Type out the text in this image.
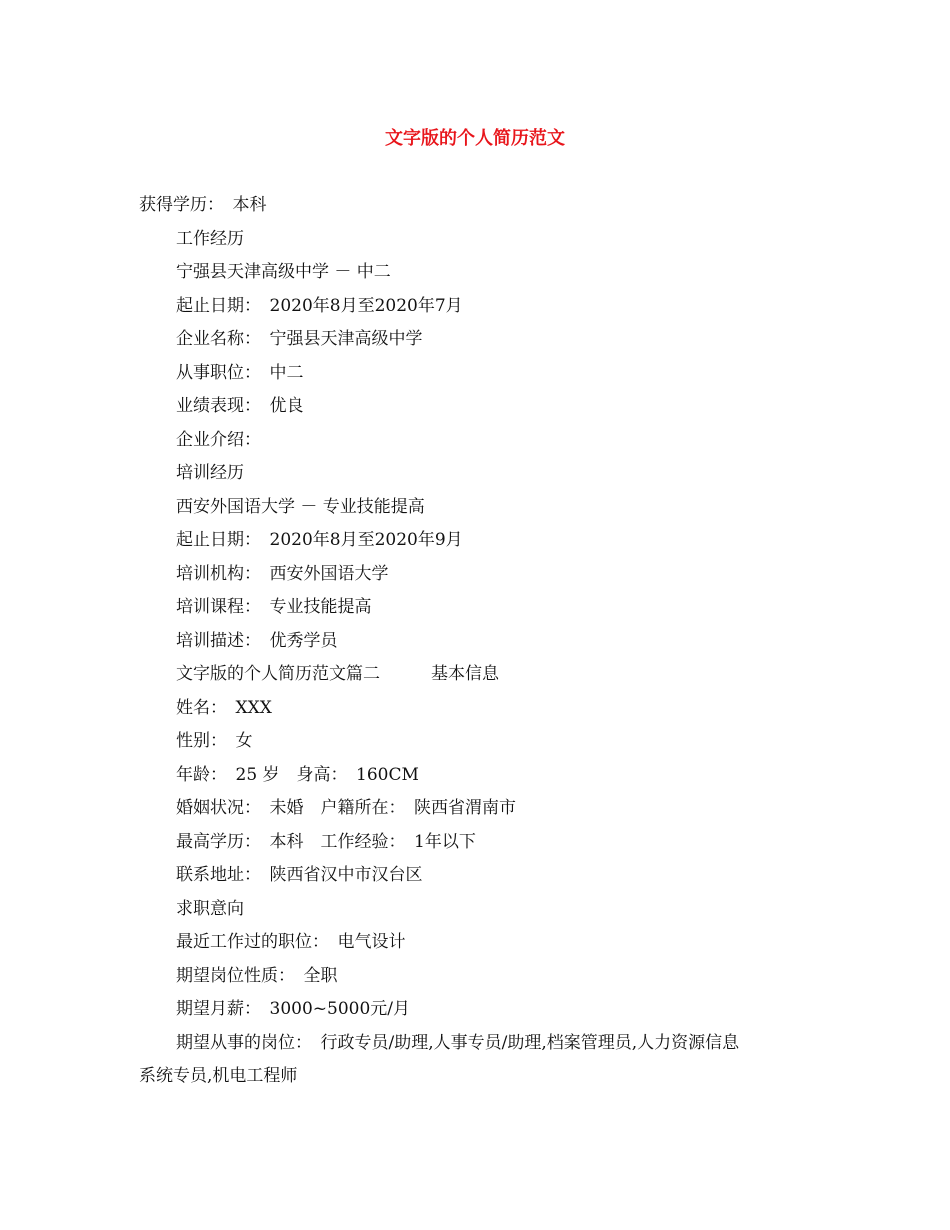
文字版的个人简历范文
获得学历：　本科
工作经历
宁强县天津高级中学 － 中二
起止日期：　2020年8月至2020年7月
企业名称：　宁强县天津高级中学
从事职位：　中二
业绩表现：　优良
企业介绍：
培训经历
西安外国语大学 － 专业技能提高
起止日期：　2020年8月至2020年9月
培训机构：　西安外国语大学
培训课程：　专业技能提高
培训描述：　优秀学员
文字版的个人简历范文篇二　　　基本信息
姓名：　XXX
性别：　女
年龄：　25 岁　身高：　160CM
婚姻状况：　未婚　户籍所在：　陕西省渭南市
最高学历：　本科　工作经验：　1年以下
联系地址：　陕西省汉中市汉台区
求职意向
最近工作过的职位：　电气设计
期望岗位性质：　全职
期望月薪：　3000~5000元/月
期望从事的岗位：　行政专员/助理,人事专员/助理,档案管理员,人力资源信息
系统专员,机电工程师
